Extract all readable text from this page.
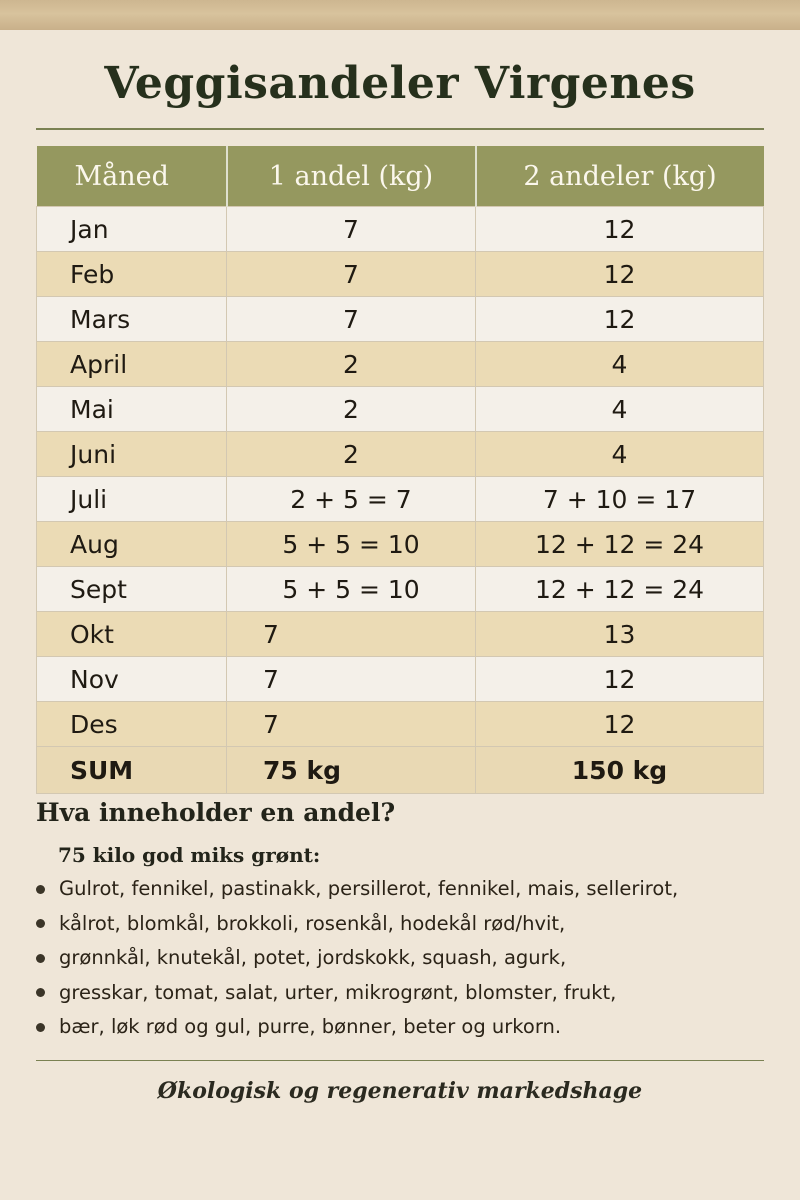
Veggisandeler Virgenes
Måned	1 andel (kg)	2 andeler (kg)
Jan	7	12
Feb	7	12
Mars	7	12
April	2	4
Mai	2	4
Juni	2	4
Juli	2 + 5 = 7	7 + 10 = 17
Aug	5 + 5 = 10	12 + 12 = 24
Sept	5 + 5 = 10	12 + 12 = 24
Okt	7	13
Nov	7	12
Des	7	12
SUM	75 kg	150 kg
Hva inneholder en andel?

75 kilo god miks grønt:

Gulrot, fennikel, pastinakk, persillerot, fennikel, mais, sellerirot,
kålrot, blomkål, brokkoli, rosenkål, hodekål rød/hvit,
grønnkål, knutekål, potet, jordskokk, squash, agurk,
gresskar, tomat, salat, urter, mikrogrønt, blomster, frukt,
bær, løk rød og gul, purre, bønner, beter og urkorn.

Økologisk og regenerativ markedshage
